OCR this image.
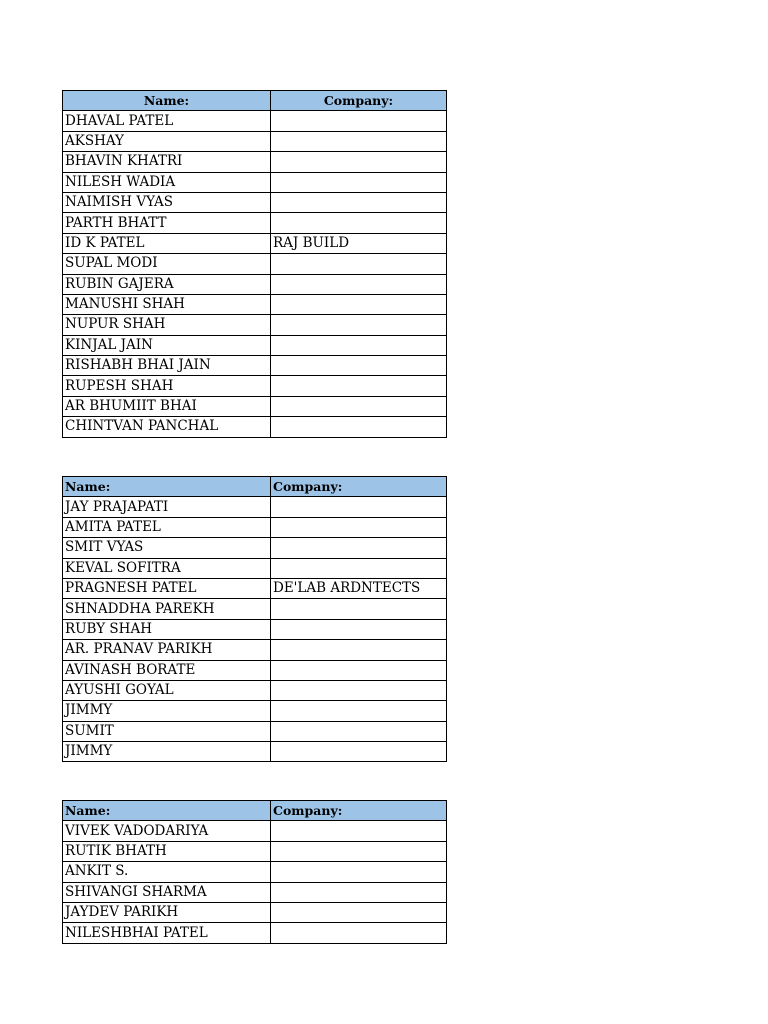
Name:	Company:
DHAVAL PATEL	
AKSHAY	
BHAVIN KHATRI	
NILESH WADIA	
NAIMISH VYAS	
PARTH BHATT	
ID K PATEL	RAJ BUILD
SUPAL MODI	
RUBIN GAJERA	
MANUSHI SHAH	
NUPUR SHAH	
KINJAL JAIN	
RISHABH BHAI JAIN	
RUPESH SHAH	
AR BHUMIIT BHAI	
CHINTVAN PANCHAL	
Name:	Company:
JAY PRAJAPATI	
AMITA PATEL	
SMIT VYAS	
KEVAL SOFITRA	
PRAGNESH PATEL	DE'LAB ARDNTECTS
SHNADDHA PAREKH	
RUBY SHAH	
AR. PRANAV PARIKH	
AVINASH BORATE	
AYUSHI GOYAL	
JIMMY	
SUMIT	
JIMMY	
Name:	Company:
VIVEK VADODARIYA	
RUTIK BHATH	
ANKIT S.	
SHIVANGI SHARMA	
JAYDEV PARIKH	
NILESHBHAI PATEL	
